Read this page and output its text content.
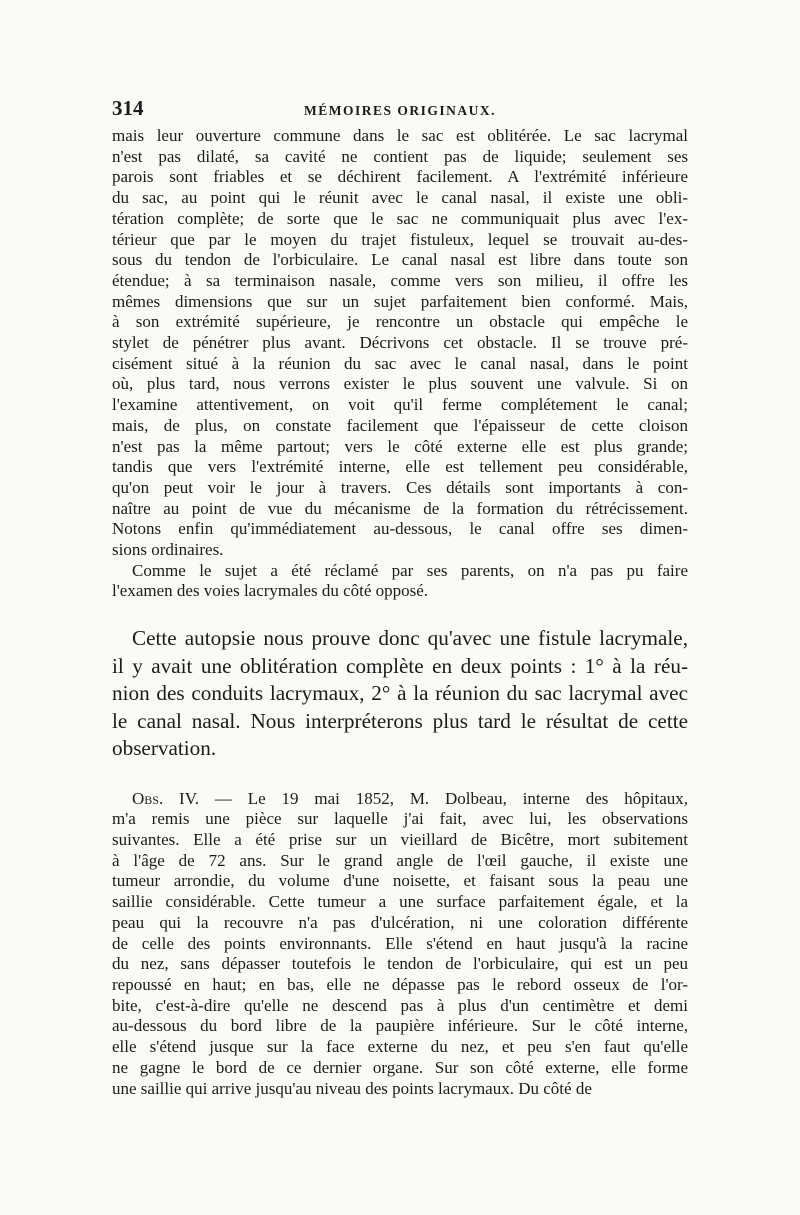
314	MÉMOIRES ORIGINAUX.
mais leur ouverture commune dans le sac est oblitérée. Le sac lacrymal
n'est pas dilaté, sa cavité ne contient pas de liquide; seulement ses
parois sont friables et se déchirent facilement. A l'extrémité inférieure
du sac, au point qui le réunit avec le canal nasal, il existe une obli-
tération complète; de sorte que le sac ne communiquait plus avec l'ex-
térieur que par le moyen du trajet fistuleux, lequel se trouvait au-des-
sous du tendon de l'orbiculaire. Le canal nasal est libre dans toute son
étendue; à sa terminaison nasale, comme vers son milieu, il offre les
mêmes dimensions que sur un sujet parfaitement bien conformé. Mais,
à son extrémité supérieure, je rencontre un obstacle qui empêche le
stylet de pénétrer plus avant. Décrivons cet obstacle. Il se trouve pré-
cisément situé à la réunion du sac avec le canal nasal, dans le point
où, plus tard, nous verrons exister le plus souvent une valvule. Si on
l'examine attentivement, on voit qu'il ferme complétement le canal;
mais, de plus, on constate facilement que l'épaisseur de cette cloison
n'est pas la même partout; vers le côté externe elle est plus grande;
tandis que vers l'extrémité interne, elle est tellement peu considérable,
qu'on peut voir le jour à travers. Ces détails sont importants à con-
naître au point de vue du mécanisme de la formation du rétrécissement.
Notons enfin qu'immédiatement au-dessous, le canal offre ses dimen-
sions ordinaires.
Comme le sujet a été réclamé par ses parents, on n'a pas pu faire
l'examen des voies lacrymales du côté opposé.
Cette autopsie nous prouve donc qu'avec une fistule lacrymale,
il y avait une oblitération complète en deux points : 1° à la réu-
nion des conduits lacrymaux, 2° à la réunion du sac lacrymal avec
le canal nasal. Nous interpréterons plus tard le résultat de cette
observation.
Obs. IV. — Le 19 mai 1852, M. Dolbeau, interne des hôpitaux,
m'a remis une pièce sur laquelle j'ai fait, avec lui, les observations
suivantes. Elle a été prise sur un vieillard de Bicêtre, mort subitement
à l'âge de 72 ans. Sur le grand angle de l'œil gauche, il existe une
tumeur arrondie, du volume d'une noisette, et faisant sous la peau une
saillie considérable. Cette tumeur a une surface parfaitement égale, et la
peau qui la recouvre n'a pas d'ulcération, ni une coloration différente
de celle des points environnants. Elle s'étend en haut jusqu'à la racine
du nez, sans dépasser toutefois le tendon de l'orbiculaire, qui est un peu
repoussé en haut; en bas, elle ne dépasse pas le rebord osseux de l'or-
bite, c'est-à-dire qu'elle ne descend pas à plus d'un centimètre et demi
au-dessous du bord libre de la paupière inférieure. Sur le côté interne,
elle s'étend jusque sur la face externe du nez, et peu s'en faut qu'elle
ne gagne le bord de ce dernier organe. Sur son côté externe, elle forme
une saillie qui arrive jusqu'au niveau des points lacrymaux. Du côté de
